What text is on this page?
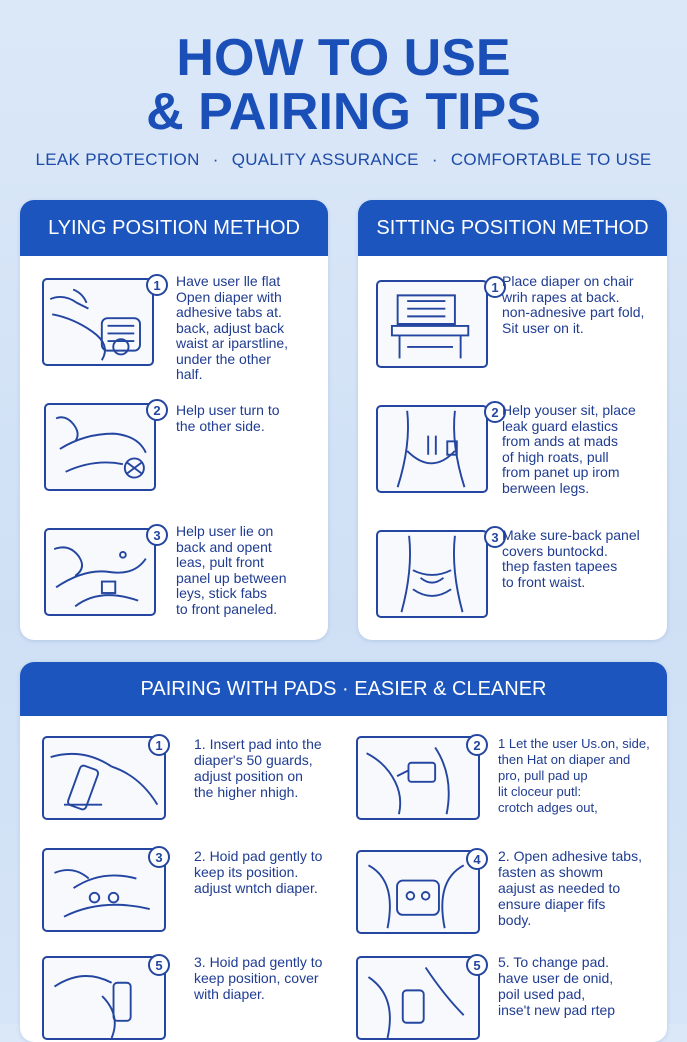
HOW TO USE
& PAIRING TIPS
LEAK PROTECTION · QUALITY ASSURANCE · COMFORTABLE TO USE
LYING POSITION METHOD
1	Have user lle flat
Open diaper with
adhesive tabs at.
back, adjust back
waist ar iparstline,
under the other
half.
2	Help user turn to
the other side.
3	Help user lie on
back and opent
leas, pult front
panel up between
leys, stick fabs
to front paneled.
SITTING POSITION METHOD
1 Place diaper on chair
wrih rapes at back.
non-adnesive part fold,
Sit user on it.
2 Help youser sit, place
leak guard elastics
from ands at mads
of high roats, pull
from panet up irom
berween legs.
3 Make sure-back panel
covers buntockd.
thep fasten tapees
to front waist.
PAIRING WITH PADS · EASIER & CLEANER
1	1. Insert pad into the
diaper's 50 guards,
adjust position on
the higher nhigh.
2	1 Let the user Us.on, side,
then Hat on diaper and
pro, pull pad up
lit cloceur putl:
crotch adges out,
3	2. Hoid pad gently to
keep its position.
adjust wntch diaper.
4	2. Open adhesive tabs,
fasten as showm
aajust as needed to
ensure diaper fifs
body.
5	3. Hoid pad gently to
keep position, cover
with diaper.
5	5. To change pad.
have user de onid,
poil used pad,
inse't new pad rtep
